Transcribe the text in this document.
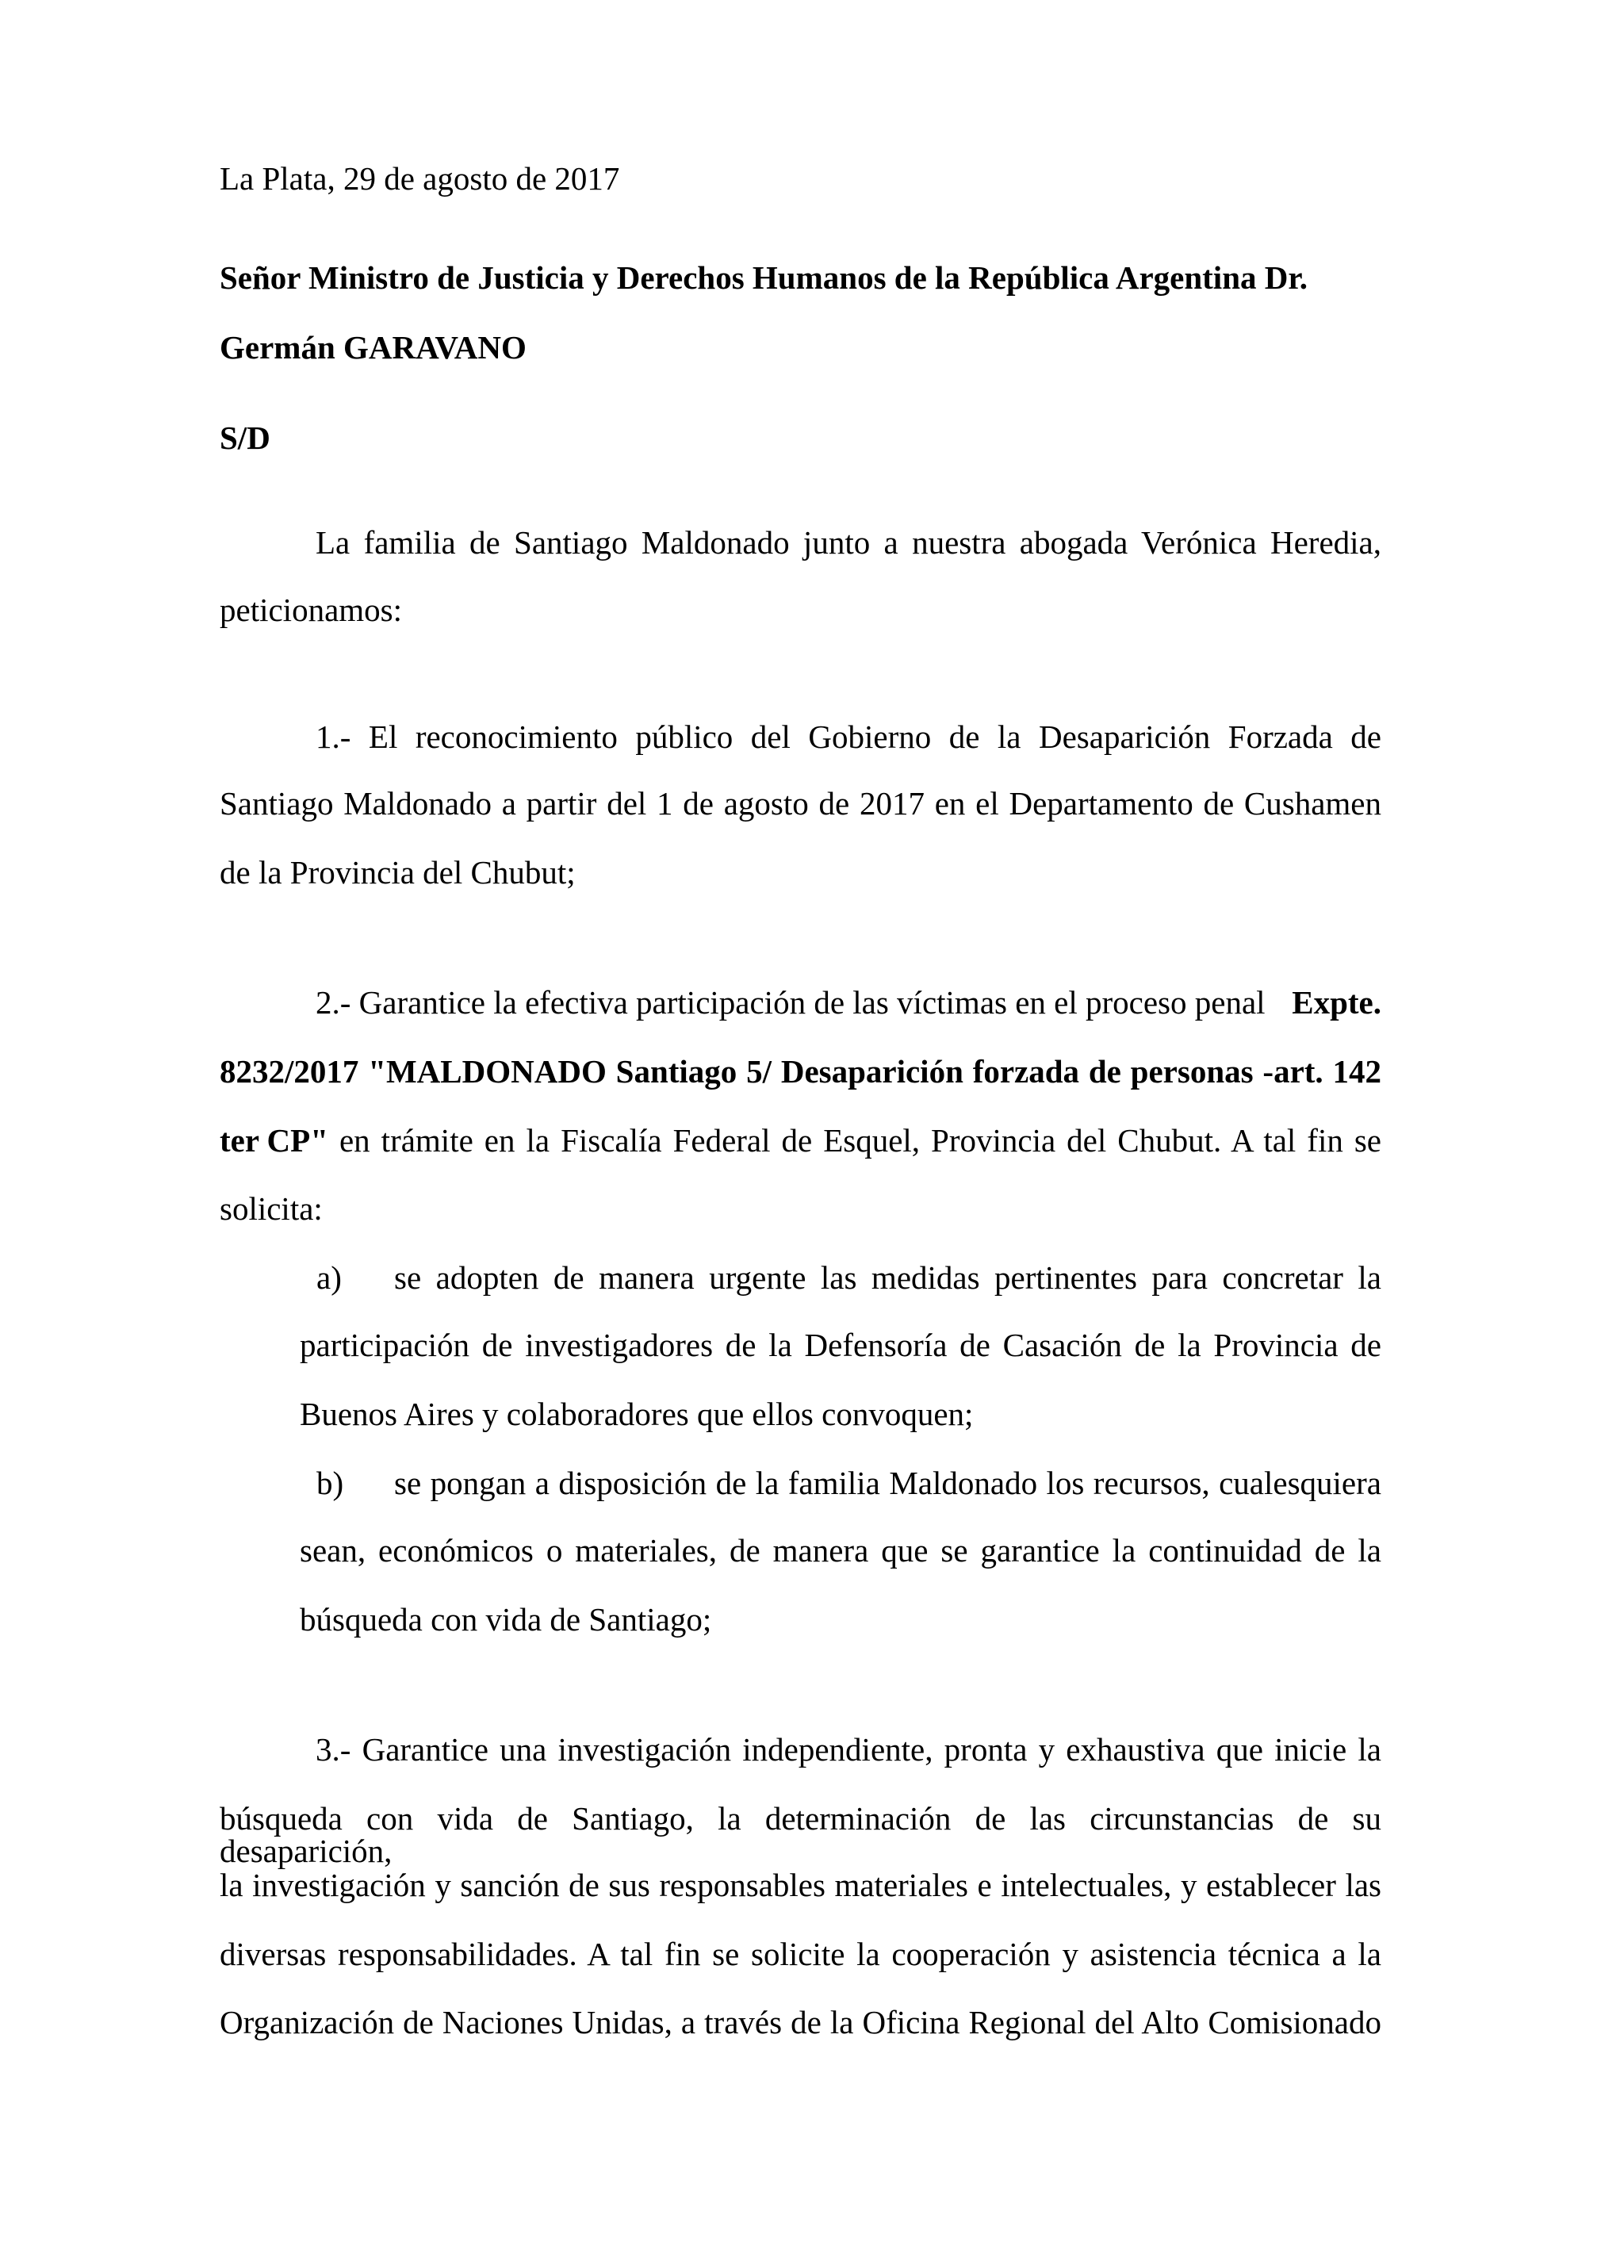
La Plata, 29 de agosto de 2017
Señor Ministro de Justicia y Derechos Humanos de la República Argentina Dr.
Germán GARAVANO
S/D
La familia de Santiago Maldonado junto a nuestra abogada Verónica Heredia,
peticionamos:
1.- El reconocimiento público del Gobierno de la Desaparición Forzada de
Santiago Maldonado a partir del 1 de agosto de 2017 en el Departamento de Cushamen
de la Provincia del Chubut;
2.- Garantice la efectiva participación de las víctimas en el proceso penal Expte.
8232/2017 "MALDONADO Santiago 5/ Desaparición forzada de personas -art. 142
ter CP" en trámite en la Fiscalía Federal de Esquel, Provincia del Chubut. A tal fin se
solicita:
a) se adopten de manera urgente las medidas pertinentes para concretar la
participación de investigadores de la Defensoría de Casación de la Provincia de
Buenos Aires y colaboradores que ellos convoquen;
b) se pongan a disposición de la familia Maldonado los recursos, cualesquiera
sean, económicos o materiales, de manera que se garantice la continuidad de la
búsqueda con vida de Santiago;
3.- Garantice una investigación independiente, pronta y exhaustiva que inicie la
búsqueda con vida de Santiago, la determinación de las circunstancias de su desaparición,
la investigación y sanción de sus responsables materiales e intelectuales, y establecer las
diversas responsabilidades. A tal fin se solicite la cooperación y asistencia técnica a la
Organización de Naciones Unidas, a través de la Oficina Regional del Alto Comisionado
